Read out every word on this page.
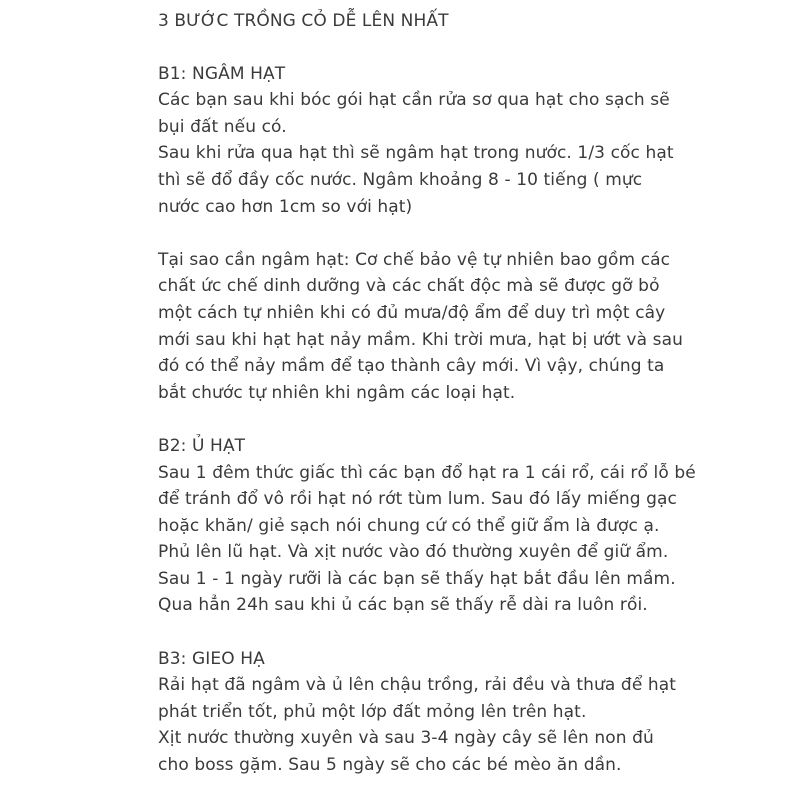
3 BƯỚC TRỒNG CỎ DỄ LÊN NHẤT

B1: NGÂM HẠT

Các bạn sau khi bóc gói hạt cần rửa sơ qua hạt cho sạch sẽ

bụi đất nếu có.

Sau khi rửa qua hạt thì sẽ ngâm hạt trong nước. 1/3 cốc hạt

thì sẽ đổ đầy cốc nước. Ngâm khoảng 8 - 10 tiếng ( mực

nước cao hơn 1cm so với hạt)

Tại sao cần ngâm hạt: Cơ chế bảo vệ tự nhiên bao gồm các

chất ức chế dinh dưỡng và các chất độc mà sẽ được gỡ bỏ

một cách tự nhiên khi có đủ mưa/độ ẩm để duy trì một cây

mới sau khi hạt hạt nảy mầm. Khi trời mưa, hạt bị ướt và sau

đó có thể nảy mầm để tạo thành cây mới. Vì vậy, chúng ta

bắt chước tự nhiên khi ngâm các loại hạt.

B2: Ủ HẠT

Sau 1 đêm thức giấc thì các bạn đổ hạt ra 1 cái rổ, cái rổ lỗ bé

để tránh đổ vô rồi hạt nó rớt tùm lum. Sau đó lấy miếng gạc

hoặc khăn/ giẻ sạch nói chung cứ có thể giữ ẩm là được ạ.

Phủ lên lũ hạt. Và xịt nước vào đó thường xuyên để giữ ẩm.

Sau 1 - 1 ngày rưỡi là các bạn sẽ thấy hạt bắt đầu lên mầm.

Qua hẳn 24h sau khi ủ các bạn sẽ thấy rễ dài ra luôn rồi.

B3: GIEO HẠ

Rải hạt đã ngâm và ủ lên chậu trồng, rải đều và thưa để hạt

phát triển tốt, phủ một lớp đất mỏng lên trên hạt.

Xịt nước thường xuyên và sau 3-4 ngày cây sẽ lên non đủ

cho boss gặm. Sau 5 ngày sẽ cho các bé mèo ăn dần.
